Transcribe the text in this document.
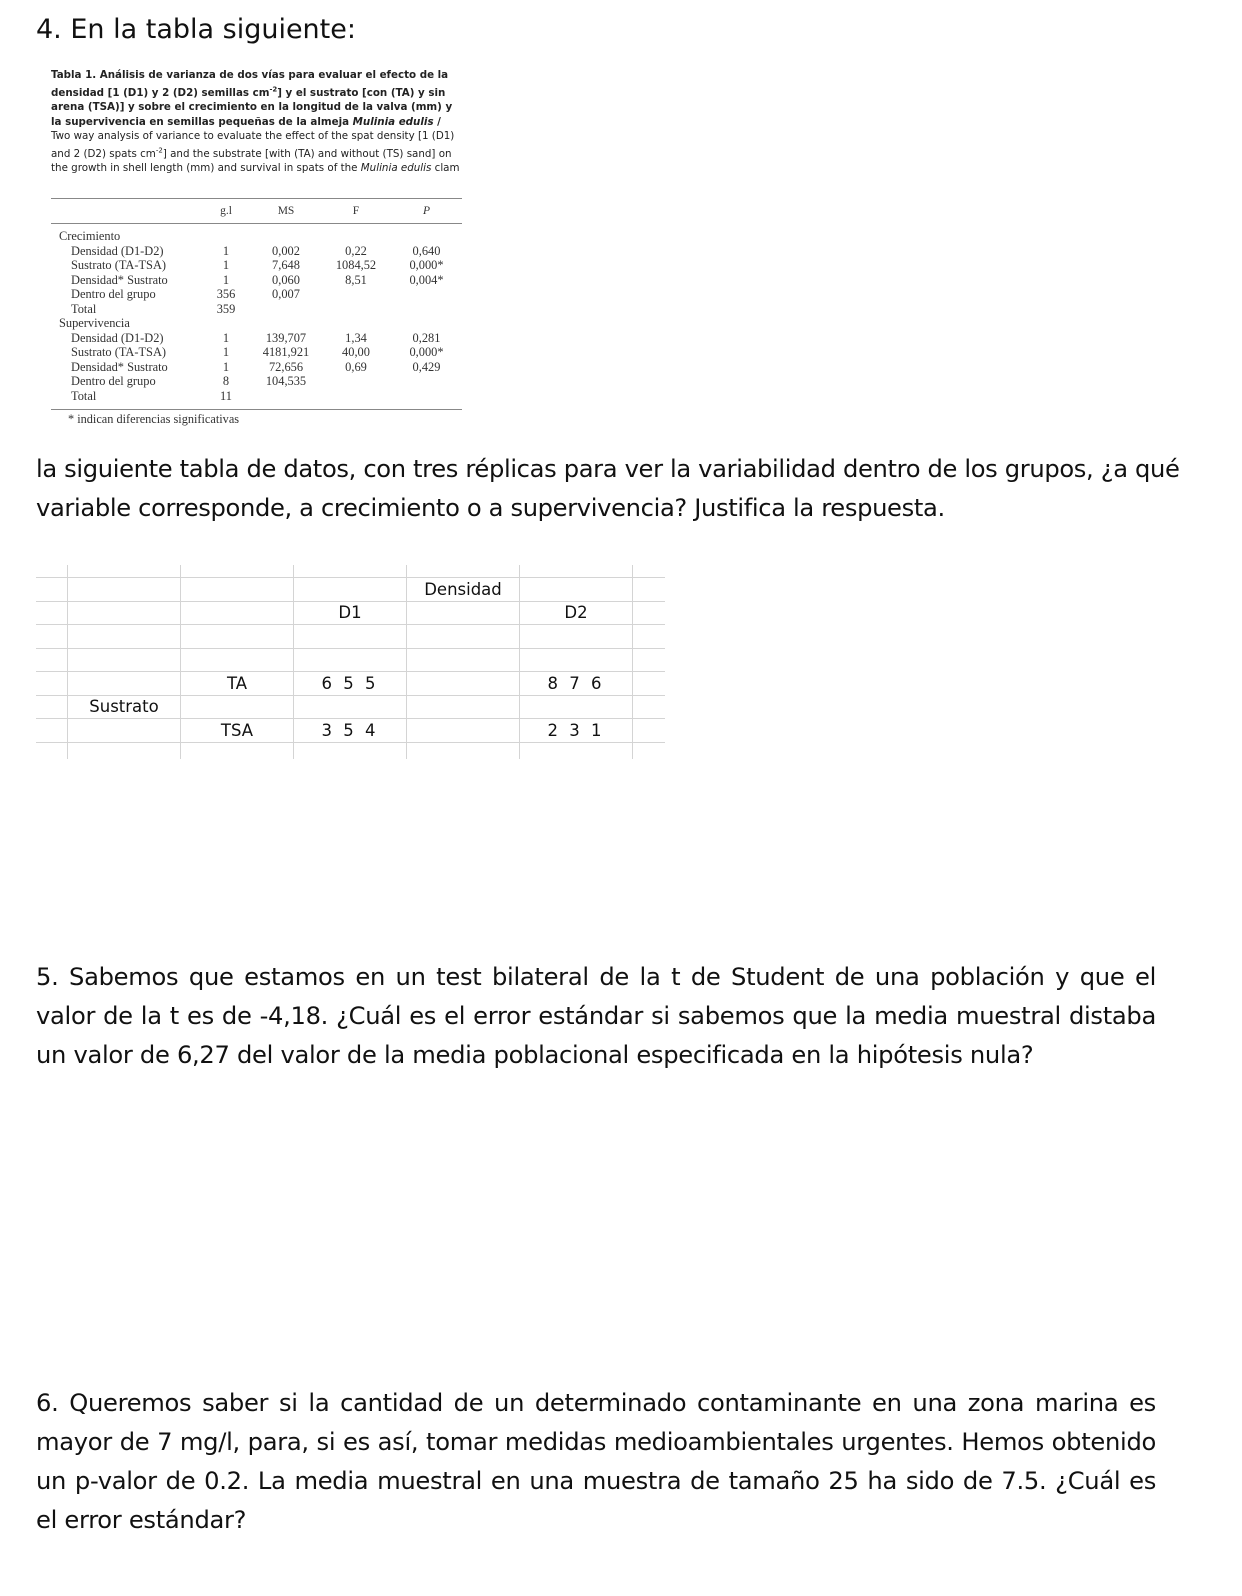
4. En la tabla siguiente:
Tabla 1. Análisis de varianza de dos vías para evaluar el efecto de la densidad [1 (D1) y 2 (D2) semillas $cm^{-2}$] y el sustrato [con (TA) y sin arena (TSA)] y sobre el crecimiento en la longitud de la valva (mm) y la supervivencia en semillas pequeñas de la almeja Mulinia edulis / Two way analysis of variance to evaluate the effect of the spat density [1 (D1) and 2 (D2) spats $cm^{-2}$] and the substrate [with (TA) and without (TS) sand] on the growth in shell length (mm) and survival in spats of the Mulinia edulis clam
	g.l	MS	F	P
Crecimiento				
Densidad (D1-D2)	1	0,002	0,22	0,640
Sustrato (TA-TSA)	1	7,648	1084,52	0,000*
Densidad* Sustrato	1	0,060	8,51	0,004*
Dentro del grupo	356	0,007		
Total	359			
Supervivencia				
Densidad (D1-D2)	1	139,707	1,34	0,281
Sustrato (TA-TSA)	1	4181,921	40,00	0,000*
Densidad* Sustrato	1	72,656	0,69	0,429
Dentro del grupo	8	104,535		
Total	11			
* indican diferencias significativas

la siguiente tabla de datos, con tres réplicas para ver la variabilidad dentro de los grupos, ¿a qué variable corresponde, a crecimiento o a supervivencia? Justifica la respuesta.

				Densidad		
			D1		D2	

		TA	6 5 5		8 7 6	
	Sustrato					
		TSA	3 5 4		2 3 1	

5. Sabemos que estamos en un test bilateral de la t de Student de una población y que el valor de la t es de -4,18. ¿Cuál es el error estándar si sabemos que la media muestral distaba un valor de 6,27 del valor de la media poblacional especificada en la hipótesis nula?

6. Queremos saber si la cantidad de un determinado contaminante en una zona marina es mayor de 7 mg/l, para, si es así, tomar medidas medioambientales urgentes. Hemos obtenido un p-valor de 0.2. La media muestral en una muestra de tamaño 25 ha sido de 7.5. ¿Cuál es el error estándar?
